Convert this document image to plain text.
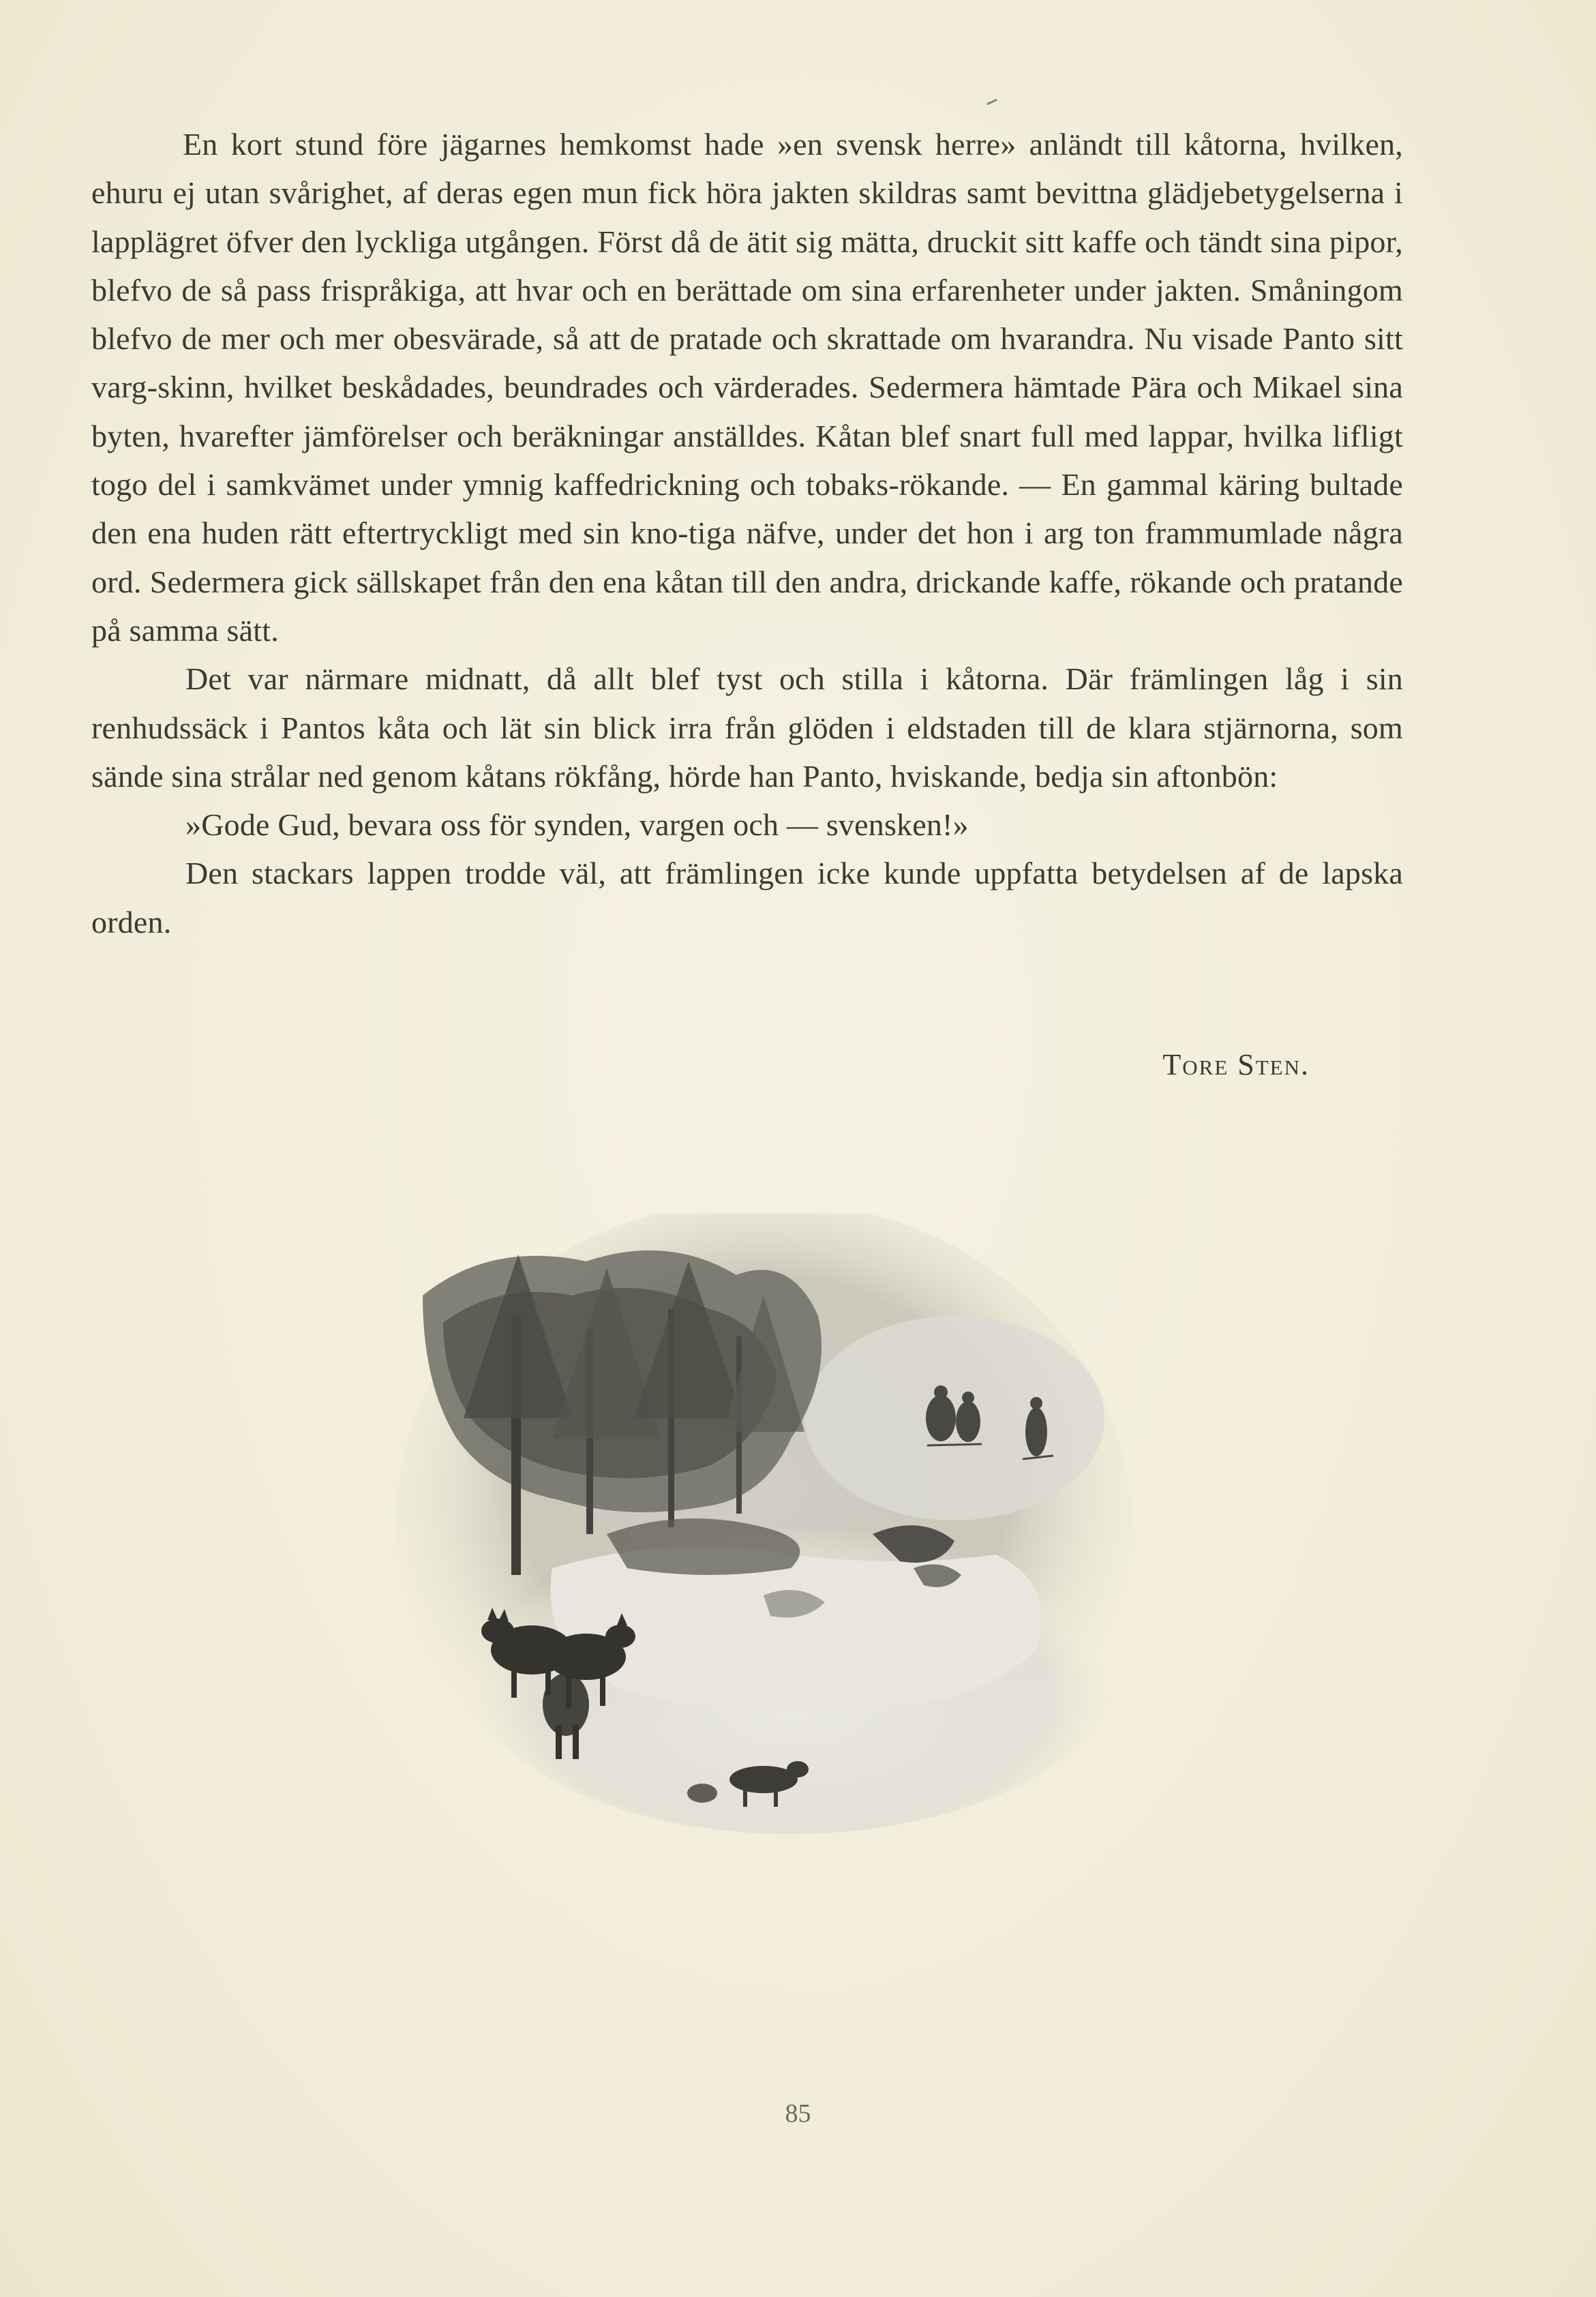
En kort stund före jägarnes hemkomst hade »en svensk herre» anländt till kåtorna, hvilken, ehuru ej utan svårighet, af deras egen mun fick höra jakten skildras samt bevittna glädjebetygelserna i lapplägret öfver den lyckliga utgången. Först då de ätit sig mätta, druckit sitt kaffe och tändt sina pipor, blefvo de så pass frispråkiga, att hvar och en berättade om sina erfarenheter under jakten. Småningom blefvo de mer och mer obesvärade, så att de pratade och skrattade om hvarandra. Nu visade Panto sitt varg-skinn, hvilket beskådades, beundrades och värderades. Sedermera hämtade Pära och Mikael sina byten, hvarefter jämförelser och beräkningar anställdes. Kåtan blef snart full med lappar, hvilka lifligt togo del i samkvämet under ymnig kaffedrickning och tobaks-rökande. — En gammal käring bultade den ena huden rätt eftertryckligt med sin kno-tiga näfve, under det hon i arg ton frammumlade några ord. Sedermera gick sällskapet från den ena kåtan till den andra, drickande kaffe, rökande och pratande på samma sätt.

Det var närmare midnatt, då allt blef tyst och stilla i kåtorna. Där främlingen låg i sin renhudssäck i Pantos kåta och lät sin blick irra från glöden i eldstaden till de klara stjärnorna, som sände sina strålar ned genom kåtans rökfång, hörde han Panto, hviskande, bedja sin aftonbön:

»Gode Gud, bevara oss för synden, vargen och — svensken!»

Den stackars lappen trodde väl, att främlingen icke kunde uppfatta betydelsen af de lapska orden.

Tore Sten.
85
